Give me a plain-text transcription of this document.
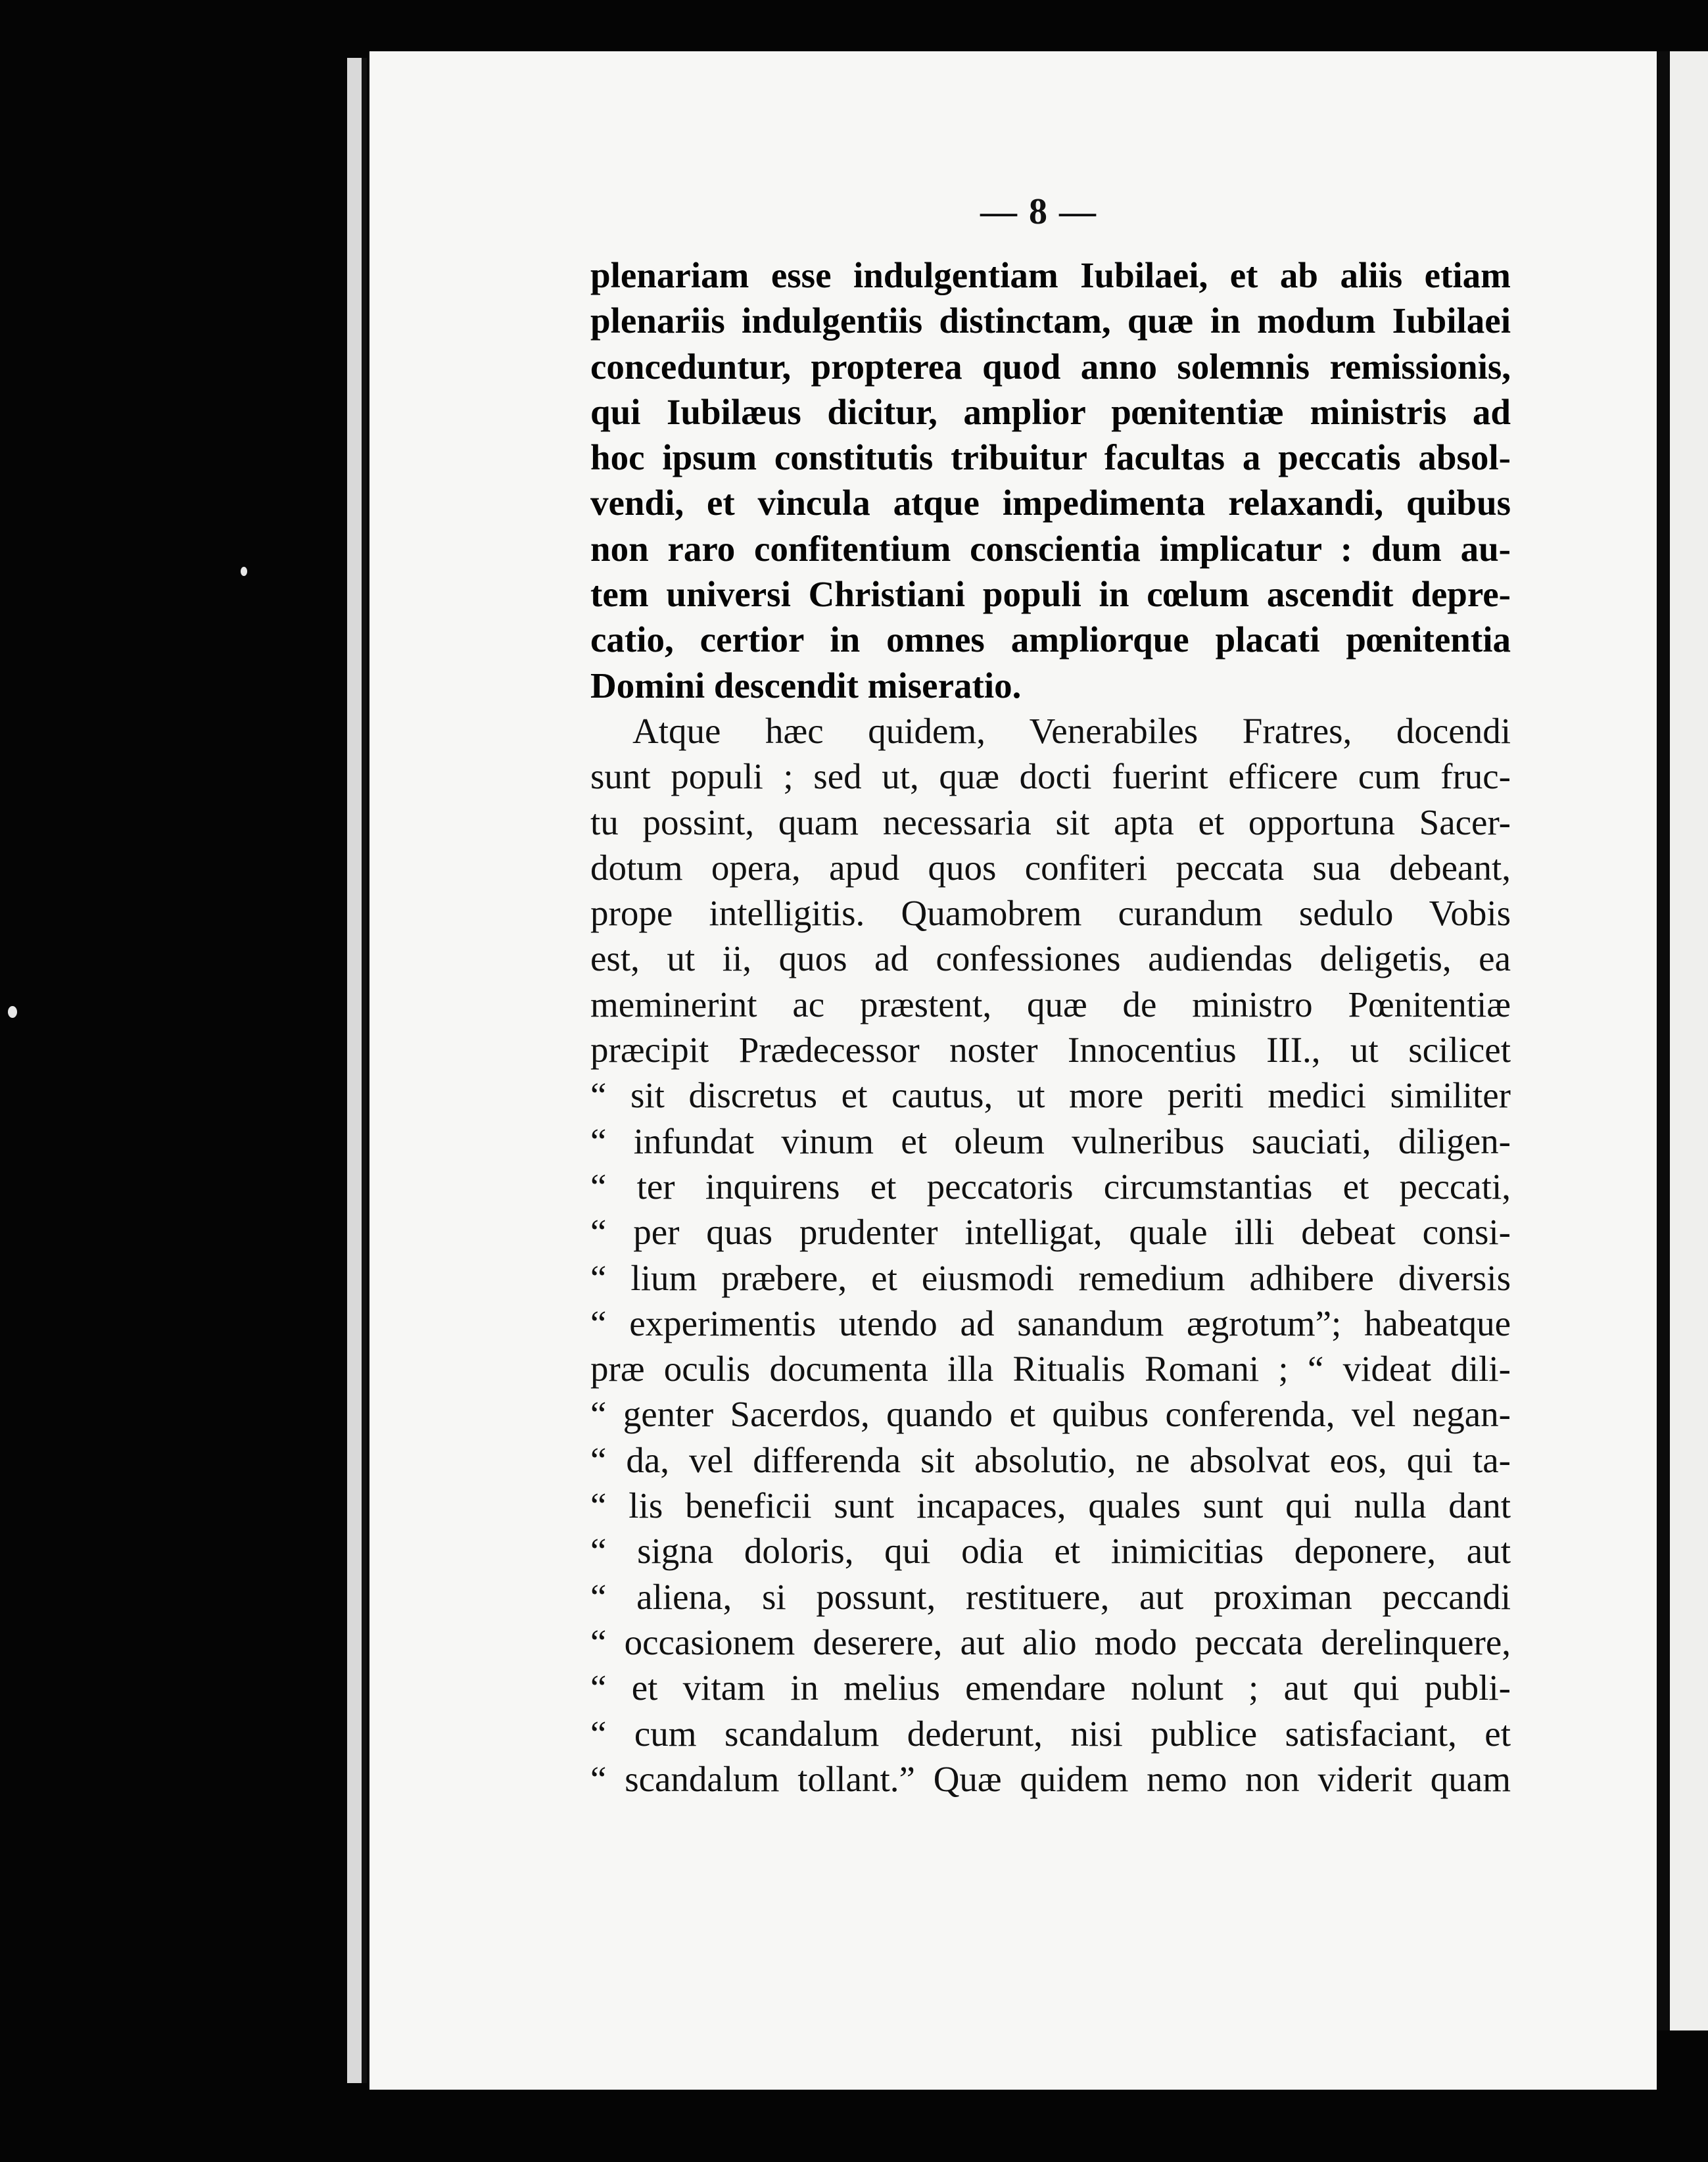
— 8 —
plenariam esse indulgentiam Iubilaei, et ab aliis etiam
plenariis indulgentiis distinctam, quæ in modum Iubilaei
conceduntur, propterea quod anno solemnis remissionis,
qui Iubilæus dicitur, amplior pœnitentiæ ministris ad
hoc ipsum constitutis tribuitur facultas a peccatis absol-
vendi, et vincula atque impedimenta relaxandi, quibus
non raro confitentium conscientia implicatur : dum au-
tem universi Christiani populi in cœlum ascendit depre-
catio, certior in omnes ampliorque placati pœnitentia
Domini descendit miseratio.
Atque hæc quidem, Venerabiles Fratres, docendi
sunt populi ; sed ut, quæ docti fuerint efficere cum fruc-
tu possint, quam necessaria sit apta et opportuna Sacer-
dotum opera, apud quos confiteri peccata sua debeant,
prope intelligitis. Quamobrem curandum sedulo Vobis
est, ut ii, quos ad confessiones audiendas deligetis, ea
meminerint ac præstent, quæ de ministro Pœnitentiæ
præcipit Prædecessor noster Innocentius III., ut scilicet
“ sit discretus et cautus, ut more periti medici similiter
“ infundat vinum et oleum vulneribus sauciati, diligen-
“ ter inquirens et peccatoris circumstantias et peccati,
“ per quas prudenter intelligat, quale illi debeat consi-
“ lium præbere, et eiusmodi remedium adhibere diversis
“ experimentis utendo ad sanandum ægrotum”; habeatque
præ oculis documenta illa Ritualis Romani ; “ videat dili-
“ genter Sacerdos, quando et quibus conferenda, vel negan-
“ da, vel differenda sit absolutio, ne absolvat eos, qui ta-
“ lis beneficii sunt incapaces, quales sunt qui nulla dant
“ signa doloris, qui odia et inimicitias deponere, aut
“ aliena, si possunt, restituere, aut proximan peccandi
“ occasionem deserere, aut alio modo peccata derelinquere,
“ et vitam in melius emendare nolunt ; aut qui publi-
“ cum scandalum dederunt, nisi publice satisfaciant, et
“ scandalum tollant.” Quæ quidem nemo non viderit quam
